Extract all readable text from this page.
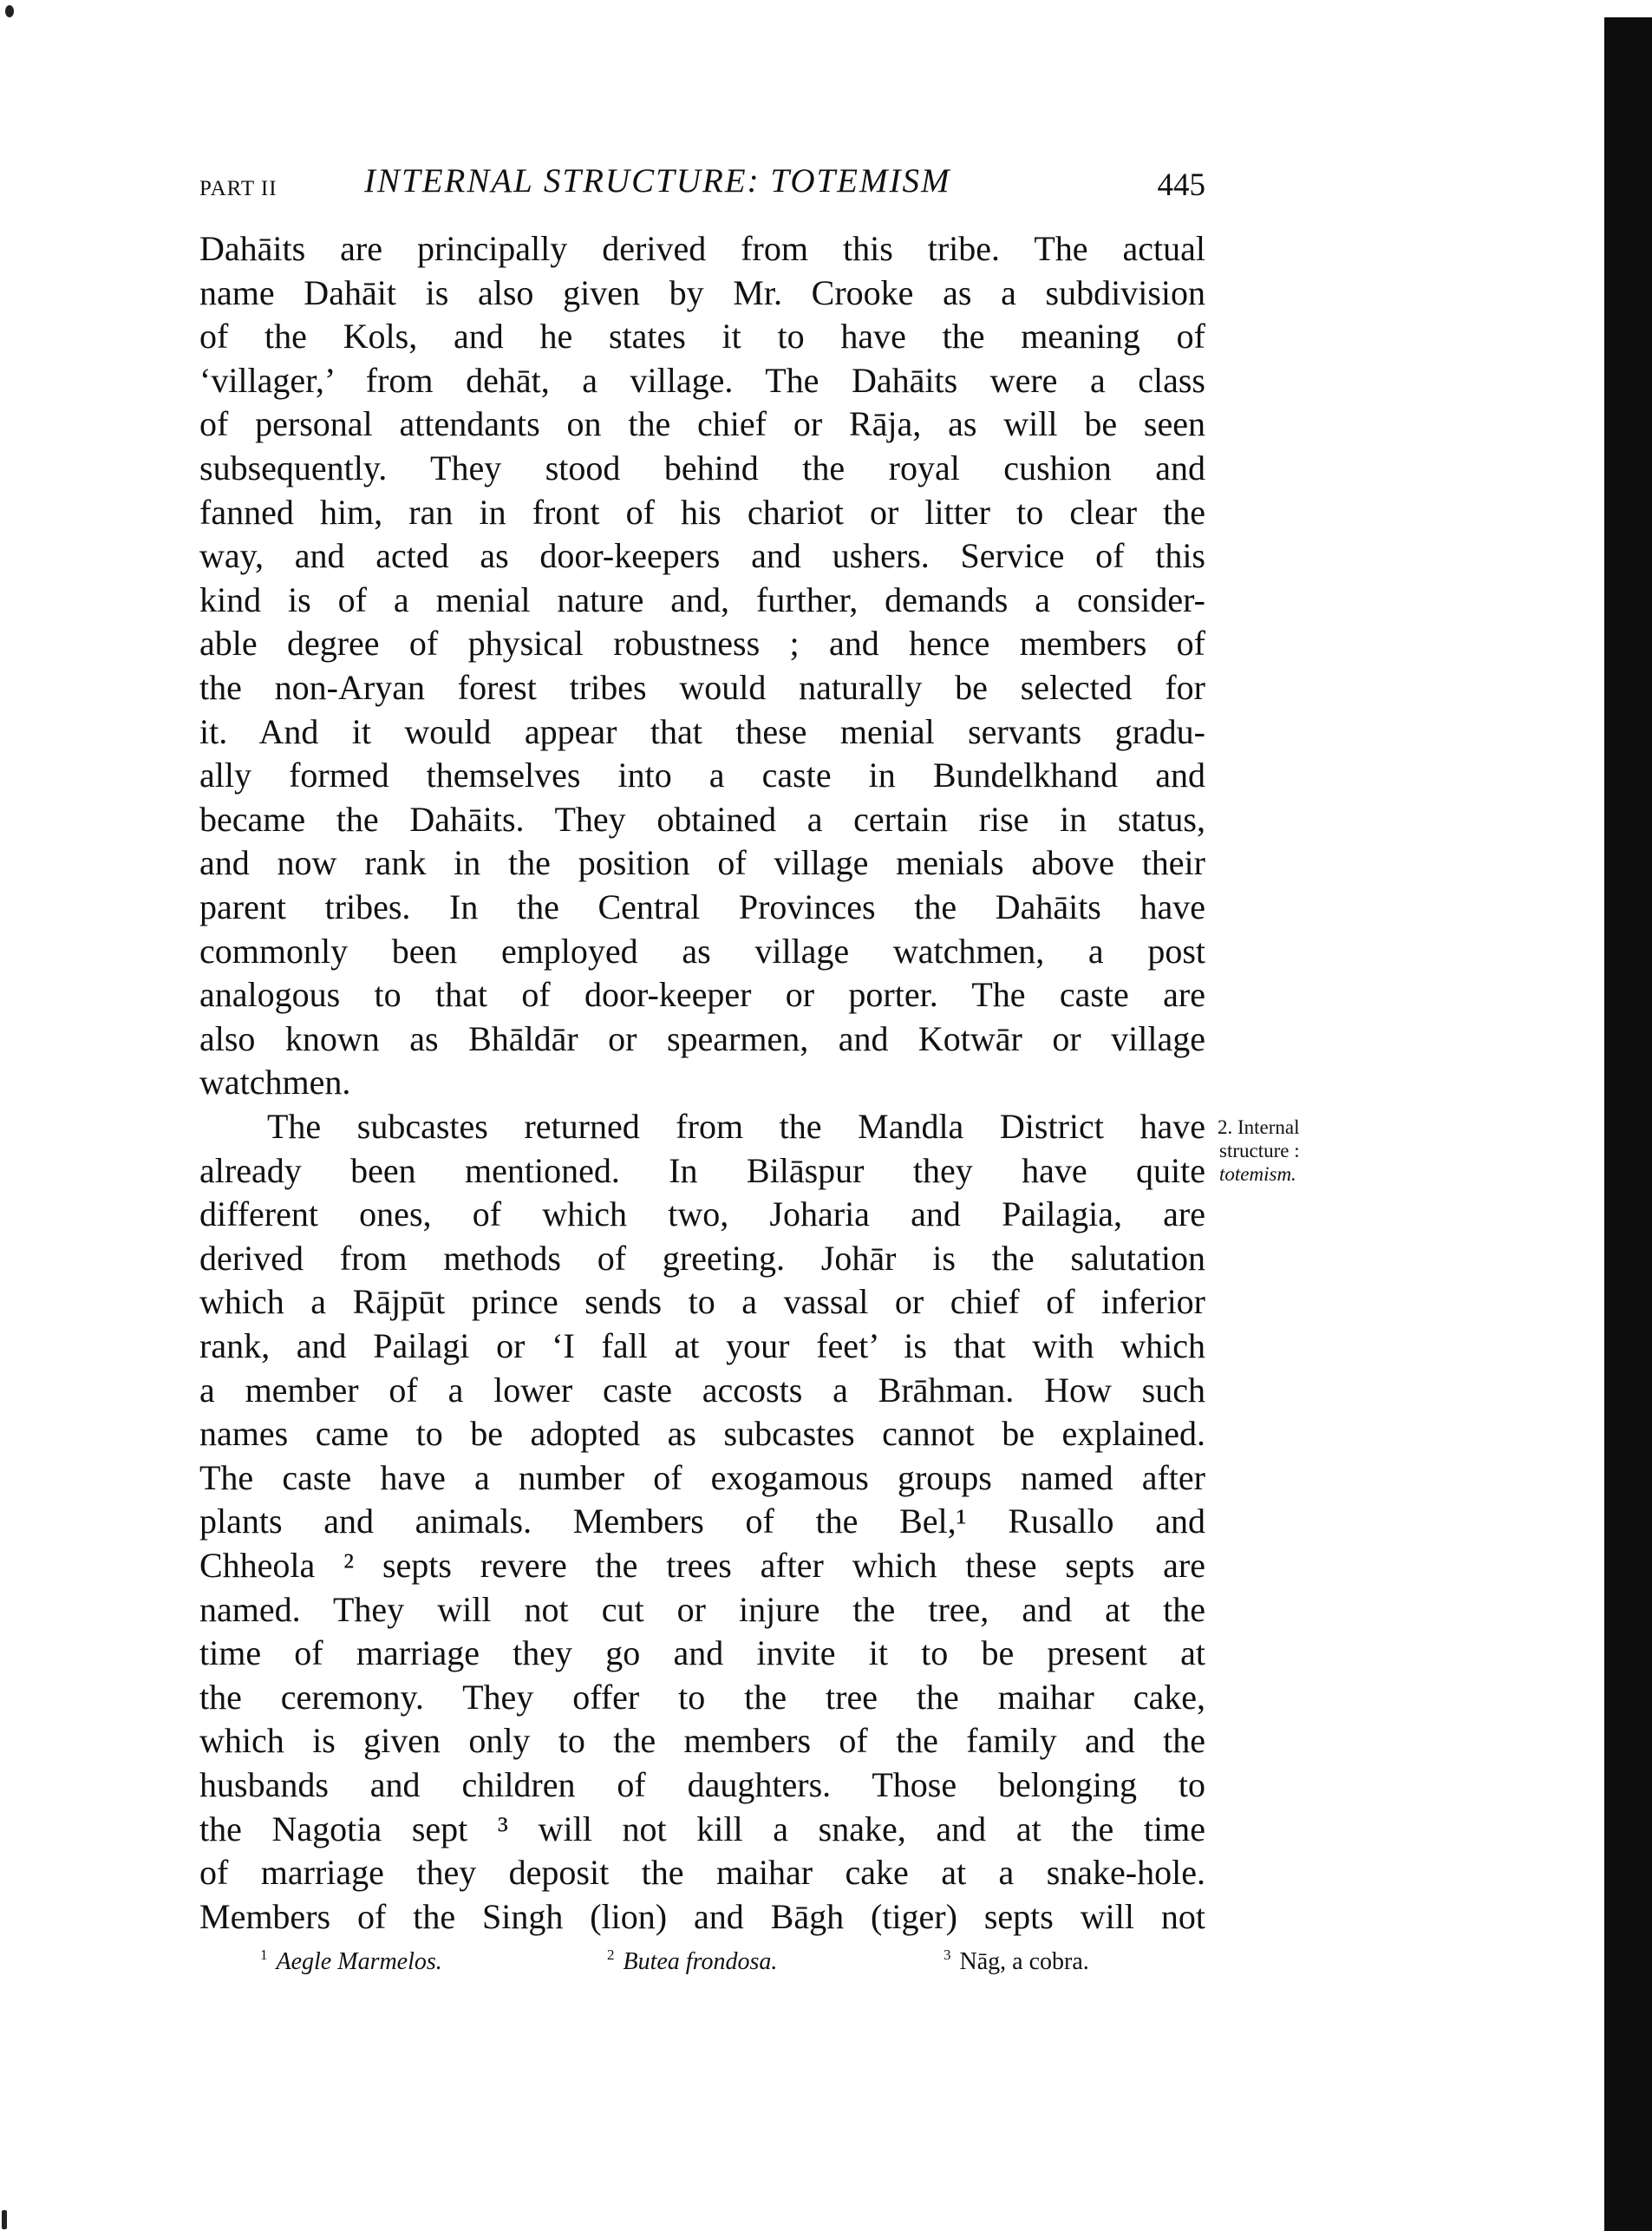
PART II	INTERNAL STRUCTURE: TOTEMISM	445
Dahāits are principally derived from this tribe. The actual
name Dahāit is also given by Mr. Crooke as a subdivision
of the Kols, and he states it to have the meaning of
‘villager,’ from dehāt, a village. The Dahāits were a class
of personal attendants on the chief or Rāja, as will be seen
subsequently. They stood behind the royal cushion and
fanned him, ran in front of his chariot or litter to clear the
way, and acted as door-keepers and ushers. Service of this
kind is of a menial nature and, further, demands a consider-
able degree of physical robustness ; and hence members of
the non-Aryan forest tribes would naturally be selected for
it. And it would appear that these menial servants gradu-
ally formed themselves into a caste in Bundelkhand and
became the Dahāits. They obtained a certain rise in status,
and now rank in the position of village menials above their
parent tribes. In the Central Provinces the Dahāits have
commonly been employed as village watchmen, a post
analogous to that of door-keeper or porter. The caste are
also known as Bhāldār or spearmen, and Kotwār or village
watchmen.
The subcastes returned from the Mandla District have
already been mentioned. In Bilāspur they have quite
different ones, of which two, Joharia and Pailagia, are
derived from methods of greeting. Johār is the salutation
which a Rājpūt prince sends to a vassal or chief of inferior
rank, and Pailagi or ‘I fall at your feet’ is that with which
a member of a lower caste accosts a Brāhman. How such
names came to be adopted as subcastes cannot be explained.
The caste have a number of exogamous groups named after
plants and animals. Members of the Bel,¹ Rusallo and
Chheola ² septs revere the trees after which these septs are
named. They will not cut or injure the tree, and at the
time of marriage they go and invite it to be present at
the ceremony. They offer to the tree the maihar cake,
which is given only to the members of the family and the
husbands and children of daughters. Those belonging to
the Nagotia sept ³ will not kill a snake, and at the time
of marriage they deposit the maihar cake at a snake-hole.
Members of the Singh (lion) and Bāgh (tiger) septs will not
2. Internal
structure :
totemism.
$^1$ Aegle Marmelos.	$^2$ Butea frondosa.	$^3$ Nāg, a cobra.
